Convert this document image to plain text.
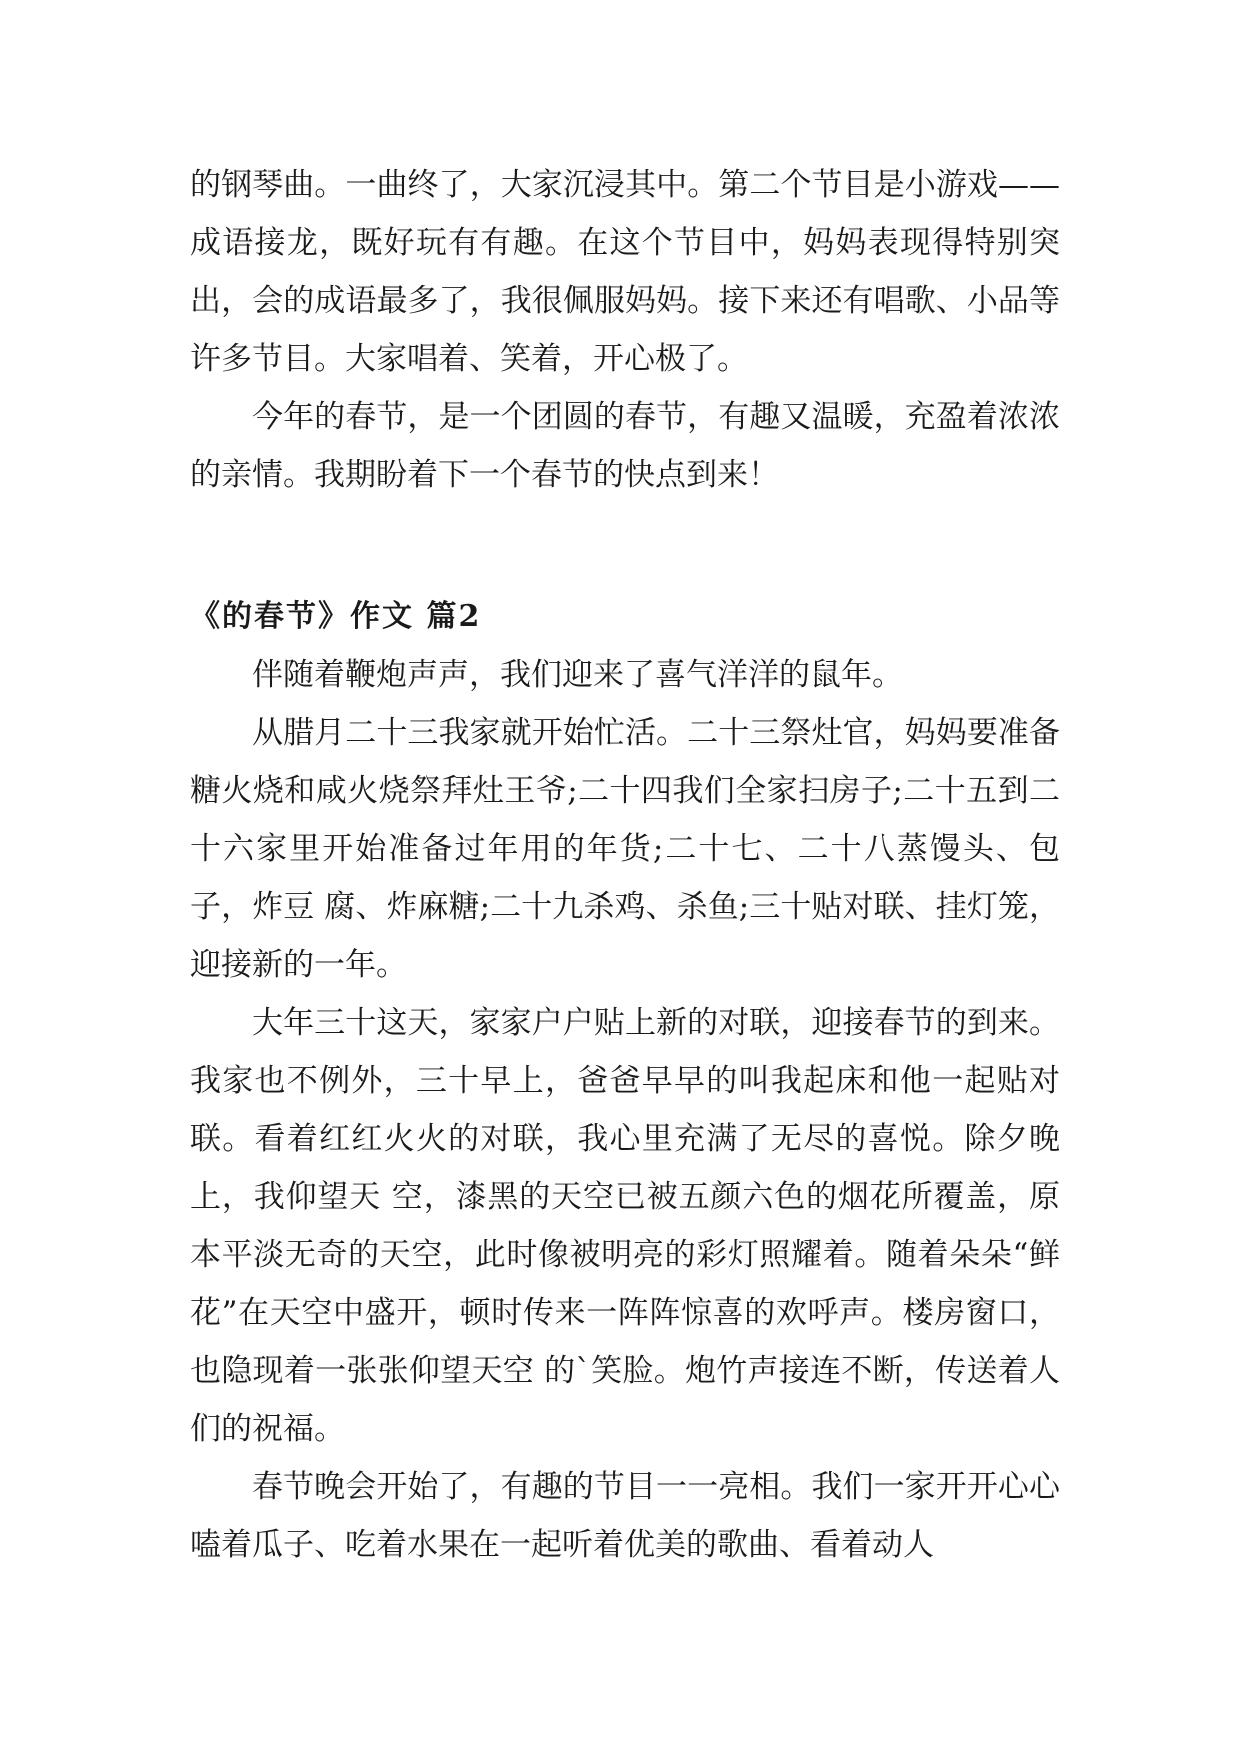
的钢琴曲。一曲终了，大家沉浸其中。第二个节目是小游戏——成语接龙，既好玩有有趣。在这个节目中，妈妈表现得特别突出，会的成语最多了，我很佩服妈妈。接下来还有唱歌、小品等许多节目。大家唱着、笑着，开心极了。

今年的春节，是一个团圆的春节，有趣又温暖，充盈着浓浓的亲情。我期盼着下一个春节的快点到来！

《的春节》作文 篇2

伴随着鞭炮声声，我们迎来了喜气洋洋的鼠年。

从腊月二十三我家就开始忙活。二十三祭灶官，妈妈要准备糖火烧和咸火烧祭拜灶王爷;二十四我们全家扫房子;二十五到二十六家里开始准备过年用的年货;二十七、二十八蒸馒头、包子，炸豆 腐、炸麻糖;二十九杀鸡、杀鱼;三十贴对联、挂灯笼，迎接新的一年。

大年三十这天，家家户户贴上新的对联，迎接春节的到来。我家也不例外，三十早上，爸爸早早的叫我起床和他一起贴对联。看着红红火火的对联，我心里充满了无尽的喜悦。除夕晚上，我仰望天 空，漆黑的天空已被五颜六色的烟花所覆盖，原本平淡无奇的天空，此时像被明亮的彩灯照耀着。随着朵朵“鲜花”在天空中盛开，顿时传来一阵阵惊喜的欢呼声。楼房窗口，也隐现着一张张仰望天空 的`笑脸。炮竹声接连不断，传送着人们的祝福。

春节晚会开始了，有趣的节目一一亮相。我们一家开开心心嗑着瓜子、吃着水果在一起听着优美的歌曲、看着动人
